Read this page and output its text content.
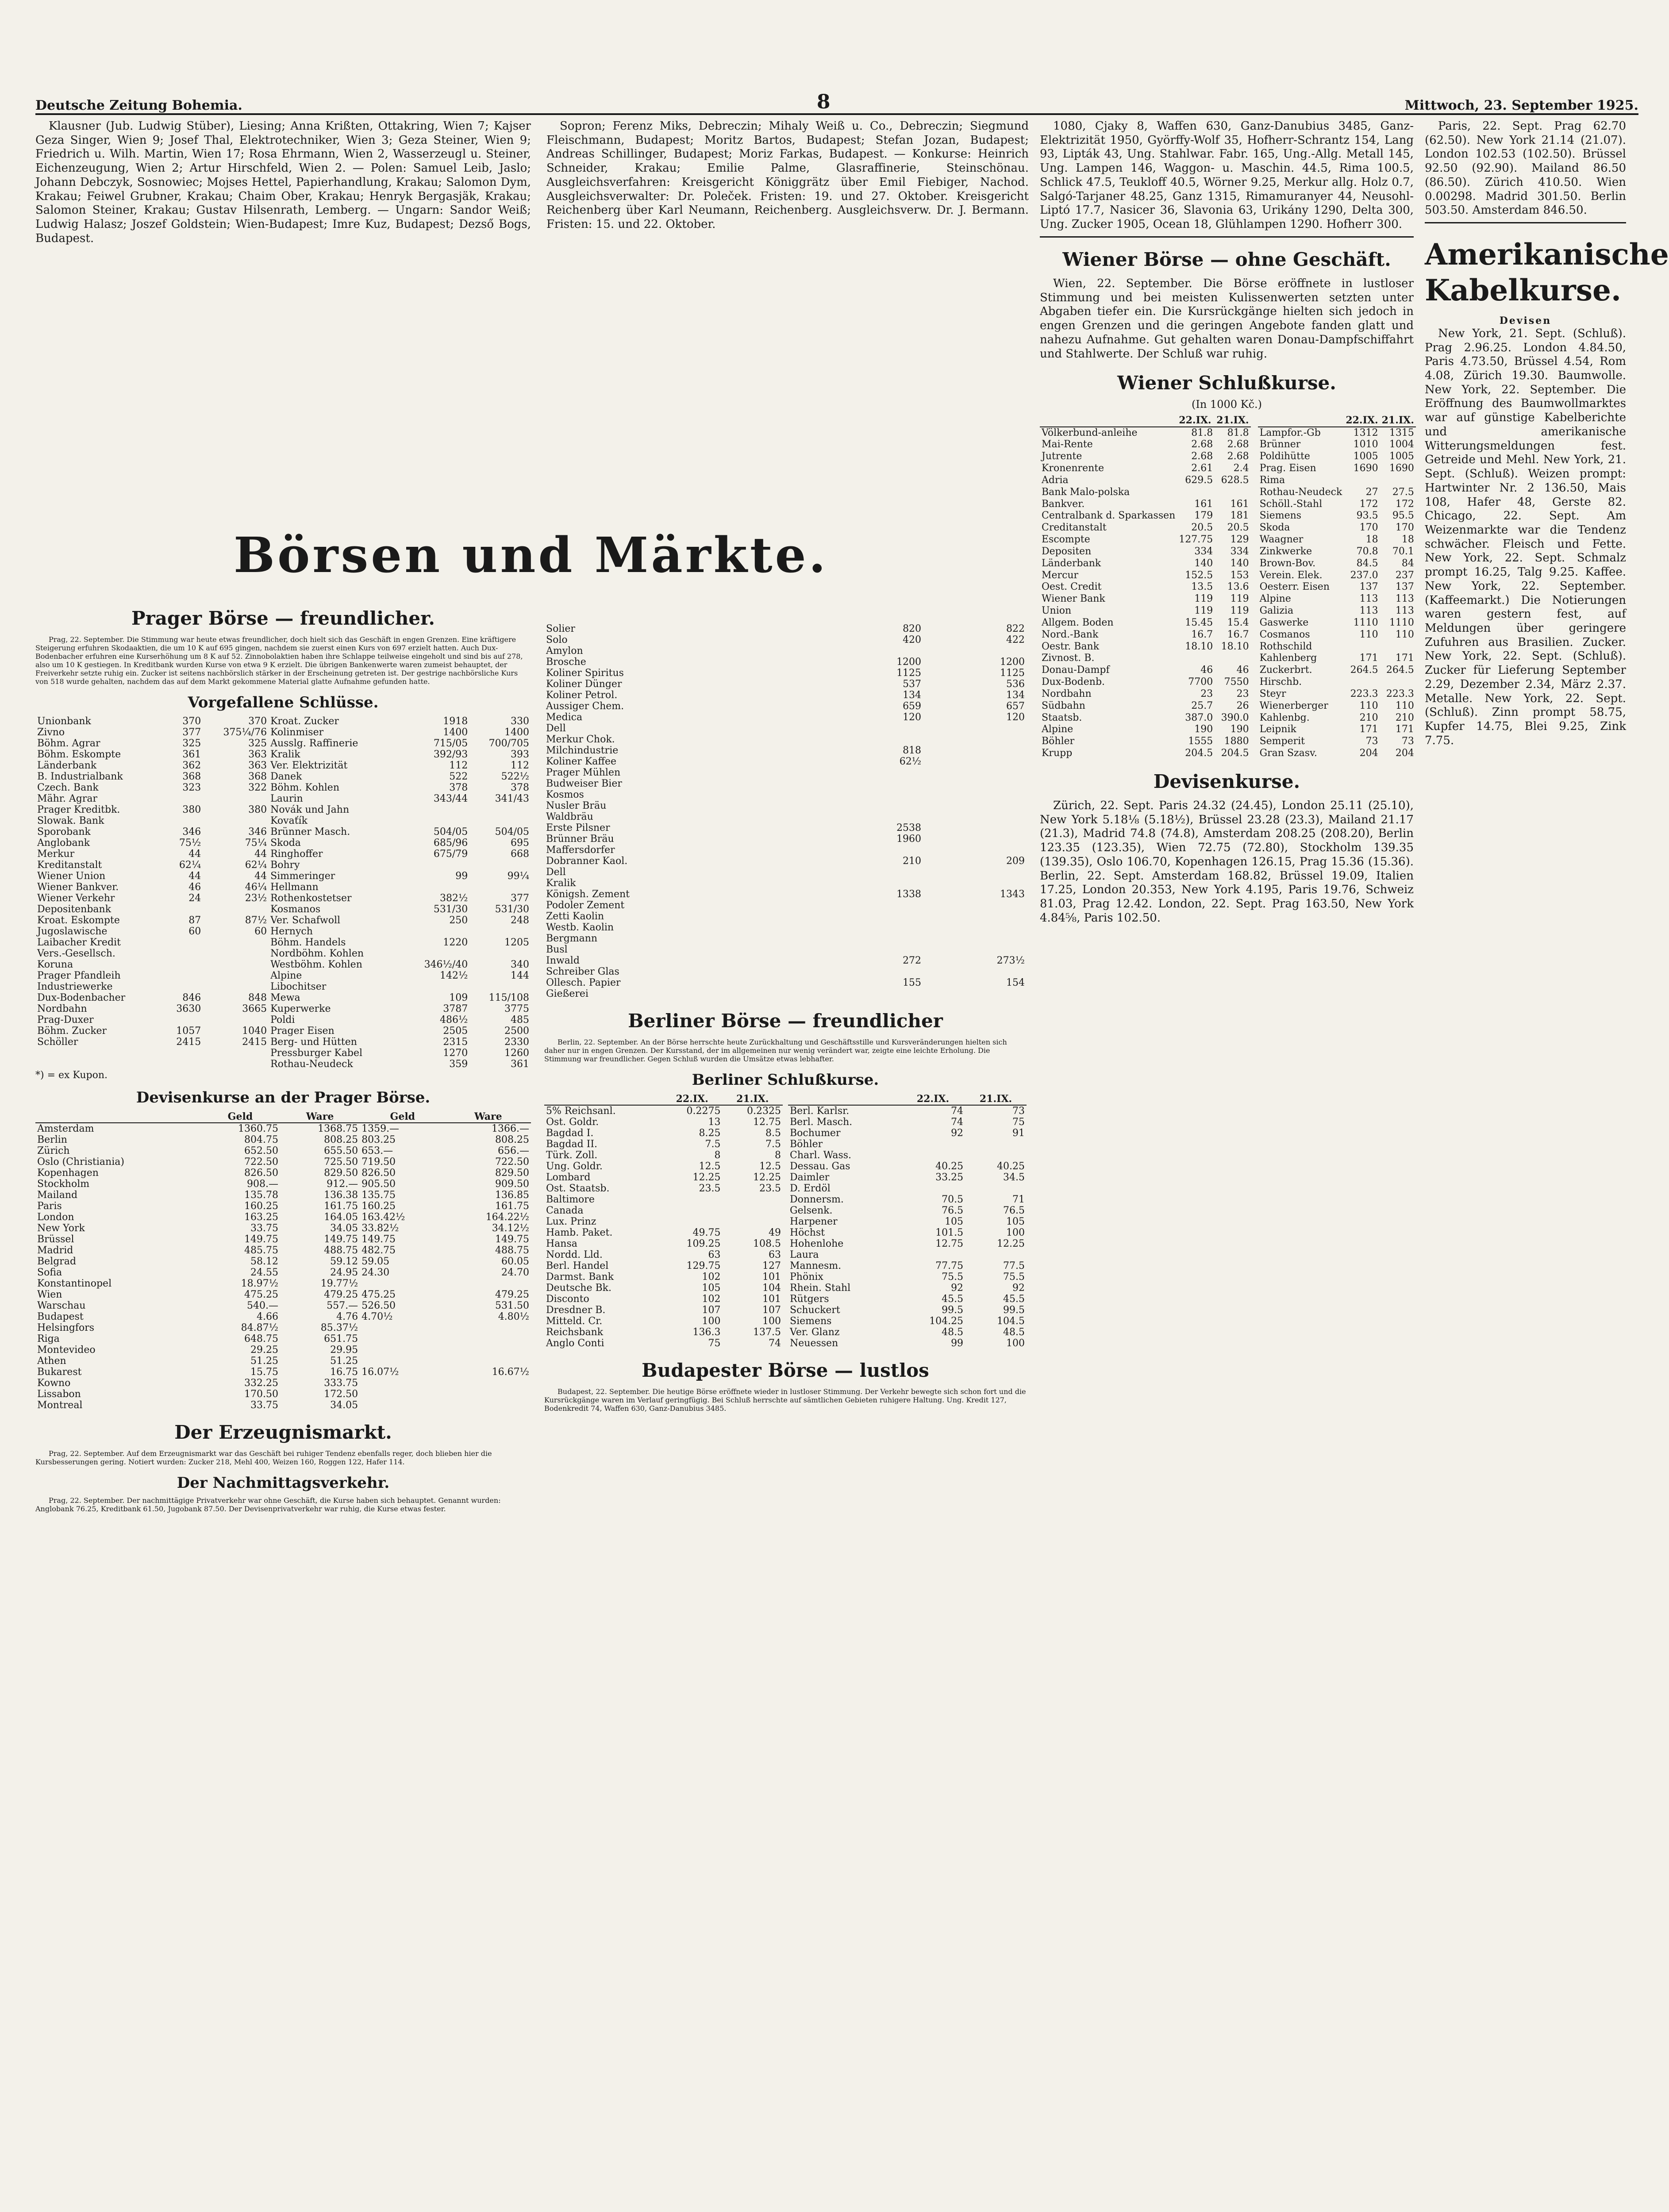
Deutsche Zeitung Bohemia.	8	Mittwoch, 23. September 1925.

Klausner (Jub. Ludwig Stüber), Liesing; Anna Krißten, Ottakring, Wien 7; Kajser Geza Singer, Wien 9; Josef Thal, Elektrotechniker, Wien 3; Geza Steiner, Wien 9; Friedrich u. Wilh. Martin, Wien 17; Rosa Ehrmann, Wien 2, Wasserzeugl u. Steiner, Eichenzeugung, Wien 2; Artur Hirschfeld, Wien 2. — Polen: Samuel Leib, Jaslo; Johann Debczyk, Sosnowiec; Mojses Hettel, Papierhandlung, Krakau; Salomon Dym, Krakau; Feiwel Grubner, Krakau; Chaim Ober, Krakau; Henryk Bergasjäk, Krakau; Salomon Steiner, Krakau; Gustav Hilsenrath, Lemberg. — Ungarn: Sandor Weiß; Ludwig Halasz; Joszef Goldstein; Wien-Budapest; Imre Kuz, Budapest; Dezső Bogs, Budapest.

Sopron; Ferenz Miks, Debreczin; Mihaly Weiß u. Co., Debreczin; Siegmund Fleischmann, Budapest; Moritz Bartos, Budapest; Stefan Jozan, Budapest; Andreas Schillinger, Budapest; Moriz Farkas, Budapest. — Konkurse: Heinrich Schneider, Krakau; Emilie Palme, Glasraffinerie, Steinschönau. Ausgleichsverfahren: Kreisgericht Königgrätz über Emil Fiebiger, Nachod. Ausgleichsverwalter: Dr. Poleček. Fristen: 19. und 27. Oktober. Kreisgericht Reichenberg über Karl Neumann, Reichenberg. Ausgleichsverw. Dr. J. Bermann. Fristen: 15. und 22. Oktober.

1080, Cjaky 8, Waffen 630, Ganz-Danubius 3485, Ganz-Elektrizität 1950, Györffy-Wolf 35, Hofherr-Schrantz 154, Lang 93, Lipták 43, Ung. Stahlwar. Fabr. 165, Ung.-Allg. Metall 145, Ung. Lampen 146, Waggon- u. Maschin. 44.5, Rima 100.5, Schlick 47.5, Teukloff 40.5, Wörner 9.25, Merkur allg. Holz 0.7, Salgó-Tarjaner 48.25, Ganz 1315, Rimamuranyer 44, Neusohl-Liptó 17.7, Nasicer 36, Slavonia 63, Urikány 1290, Delta 300, Ung. Zucker 1905, Ocean 18, Glühlampen 1290. Hofherr 300.

Wiener Börse — ohne Geschäft.

Wien, 22. September. Die Börse eröffnete in lustloser Stimmung und bei meisten Kulissenwerten setzten unter Abgaben tiefer ein. Die Kursrückgänge hielten sich jedoch in engen Grenzen und die geringen Angebote fanden glatt und nahezu Aufnahme. Gut gehalten waren Donau-Dampfschiffahrt und Stahlwerte. Der Schluß war ruhig.

Wiener Schlußkurse.
(In 1000 Kč.)
	22.IX.	21.IX.
Völkerbund-anleihe	81.8	81.8
Mai-Rente	2.68	2.68
Jutrente	2.68	2.68
Kronenrente	2.61	2.4
Adria	629.5	628.5
Bank Malo-polska		
Bankver.	161	161
Centralbank d. Sparkassen	179	181
Creditanstalt	20.5	20.5
Escompte	127.75	129
Depositen	334	334
Länderbank	140	140
Mercur	152.5	153
Oest. Credit	13.5	13.6
Wiener Bank	119	119
Union	119	119
Allgem. Boden	15.45	15.4
Nord.-Bank	16.7	16.7
Oestr. Bank	18.10	18.10
Zivnost. B.		
Donau-Dampf	46	46
Dux-Bodenb.	7700	7550
Nordbahn	23	23
Südbahn	25.7	26
Staatsb.	387.0	390.0
Alpine	190	190
Böhler	1555	1880
Krupp	204.5	204.5
	22.IX.	21.IX.
Lampfor.-Gb	1312	1315
Brünner	1010	1004
Poldihütte	1005	1005
Prag. Eisen	1690	1690
Rima		
Rothau-Neudeck	27	27.5
Schöll.-Stahl	172	172
Siemens	93.5	95.5
Skoda	170	170
Waagner	18	18
Zinkwerke	70.8	70.1
Brown-Bov.	84.5	84
Verein. Elek.	237.0	237
Oesterr. Eisen	137	137
Alpine	113	113
Galizia	113	113
Gaswerke	1110	1110
Cosmanos	110	110
Rothschild		
Kahlenberg	171	171
Zuckerbrt.	264.5	264.5
Hirschb.		
Steyr	223.3	223.3
Wienerberger	110	110
Kahlenbg.	210	210
Leipnik	171	171
Semperit	73	73
Gran Szasv.	204	204
Devisenkurse.

Zürich, 22. Sept. Paris 24.32 (24.45), London 25.11 (25.10), New York 5.18⅛ (5.18½), Brüssel 23.28 (23.3), Mailand 21.17 (21.3), Madrid 74.8 (74.8), Amsterdam 208.25 (208.20), Berlin 123.35 (123.35), Wien 72.75 (72.80), Stockholm 139.35 (139.35), Oslo 106.70, Kopenhagen 126.15, Prag 15.36 (15.36). Berlin, 22. Sept. Amsterdam 168.82, Brüssel 19.09, Italien 17.25, London 20.353, New York 4.195, Paris 19.76, Schweiz 81.03, Prag 12.42. London, 22. Sept. Prag 163.50, New York 4.84⅝, Paris 102.50.

Paris, 22. Sept. Prag 62.70 (62.50). New York 21.14 (21.07). London 102.53 (102.50). Brüssel 92.50 (92.90). Mailand 86.50 (86.50). Zürich 410.50. Wien 0.00298. Madrid 301.50. Berlin 503.50. Amsterdam 846.50.

Amerikanische Kabelkurse.
Devisen

New York, 21. Sept. (Schluß). Prag 2.96.25. London 4.84.50, Paris 4.73.50, Brüssel 4.54, Rom 4.08, Zürich 19.30. Baumwolle. New York, 22. September. Die Eröffnung des Baumwollmarktes war auf günstige Kabelberichte und amerikanische Witterungsmeldungen fest. Getreide und Mehl. New York, 21. Sept. (Schluß). Weizen prompt: Hartwinter Nr. 2 136.50, Mais 108, Hafer 48, Gerste 82. Chicago, 22. Sept. Am Weizenmarkte war die Tendenz schwächer. Fleisch und Fette. New York, 22. Sept. Schmalz prompt 16.25, Talg 9.25. Kaffee. New York, 22. September. (Kaffeemarkt.) Die Notierungen waren gestern fest, auf Meldungen über geringere Zufuhren aus Brasilien. Zucker. New York, 22. Sept. (Schluß). Zucker für Lieferung September 2.29, Dezember 2.34, März 2.37. Metalle. New York, 22. Sept. (Schluß). Zinn prompt 58.75, Kupfer 14.75, Blei 9.25, Zink 7.75.

Börsen und Märkte.
Prager Börse — freundlicher.

Prag, 22. September. Die Stimmung war heute etwas freundlicher, doch hielt sich das Geschäft in engen Grenzen. Eine kräftigere Steigerung erfuhren Skodaaktien, die um 10 K auf 695 gingen, nachdem sie zuerst einen Kurs von 697 erzielt hatten. Auch Dux-Bodenbacher erfuhren eine Kurserhöhung um 8 K auf 52. Zinnobolaktien haben ihre Schlappe teilweise eingeholt und sind bis auf 278, also um 10 K gestiegen. In Kreditbank wurden Kurse von etwa 9 K erzielt. Die übrigen Bankenwerte waren zumeist behauptet, der Freiverkehr setzte ruhig ein. Zucker ist seitens nachbörslich stärker in der Erscheinung getreten ist. Der gestrige nachbörsliche Kurs von 518 wurde gehalten, nachdem das auf dem Markt gekommene Material glatte Aufnahme gefunden hatte.

Vorgefallene Schlüsse.
Unionbank	370	370	Kroat. Zucker	1918	330
Zivno	377	375¼/76	Kolinmiser	1400	1400
Böhm. Agrar	325	325	Ausslg. Raffinerie	715/05	700/705
Böhm. Eskompte	361	363	Kralik	392/93	393
Länderbank	362	363	Ver. Elektrizität	112	112
B. Industrialbank	368	368	Danek	522	522½
Czech. Bank	323	322	Böhm. Kohlen	378	378
Mähr. Agrar			Laurin	343/44	341/43
Prager Kreditbk.	380	380	Novák und Jahn		
Slowak. Bank			Kovaťík		
Sporobank	346	346	Brünner Masch.	504/05	504/05
Anglobank	75½	75¼	Skoda	685/96	695
Merkur	44	44	Ringhoffer	675/79	668
Kreditanstalt	62¼	62¼	Bohry		
Wiener Union	44	44	Simmeringer	99	99¼
Wiener Bankver.	46	46¼	Hellmann		
Wiener Verkehr	24	23½	Rothenkostetser	382½	377
Depositenbank			Kosmanos	531/30	531/30
Kroat. Eskompte	87	87½	Ver. Schafwoll	250	248
Jugoslawische	60	60	Hernych		
Laibacher Kredit			Böhm. Handels	1220	1205
Vers.-Gesellsch.			Nordböhm. Kohlen		
Koruna			Westböhm. Kohlen	346½/40	340
Prager Pfandleih			Alpine	142½	144
Industriewerke			Libochitser		
Dux-Bodenbacher	846	848	Mewa	109	115/108
Nordbahn	3630	3665	Kuperwerke	3787	3775
Prag-Duxer			Poldi	486½	485
Böhm. Zucker	1057	1040	Prager Eisen	2505	2500
Schöller	2415	2415	Berg- und Hütten	2315	2330
			Pressburger Kabel	1270	1260
			Rothau-Neudeck	359	361
*) = ex Kupon.
Devisenkurse an der Prager Börse.
	Geld	Ware	Geld	Ware
Amsterdam	1360.75	1368.75	1359.—	1366.—
Berlin	804.75	808.25	803.25	808.25
Zürich	652.50	655.50	653.—	656.—
Oslo (Christiania)	722.50	725.50	719.50	722.50
Kopenhagen	826.50	829.50	826.50	829.50
Stockholm	908.—	912.—	905.50	909.50
Mailand	135.78	136.38	135.75	136.85
Paris	160.25	161.75	160.25	161.75
London	163.25	164.05	163.42½	164.22½
New York	33.75	34.05	33.82½	34.12½
Brüssel	149.75	149.75	149.75	149.75
Madrid	485.75	488.75	482.75	488.75
Belgrad	58.12	59.12	59.05	60.05
Sofia	24.55	24.95	24.30	24.70
Konstantinopel	18.97½	19.77½		
Wien	475.25	479.25	475.25	479.25
Warschau	540.—	557.—	526.50	531.50
Budapest	4.66	4.76	4.70½	4.80½
Helsingfors	84.87½	85.37½		
Riga	648.75	651.75		
Montevideo	29.25	29.95		
Athen	51.25	51.25		
Bukarest	15.75	16.75	16.07½	16.67½
Kowno	332.25	333.75		
Lissabon	170.50	172.50		
Montreal	33.75	34.05		
Der Erzeugnismarkt.

Prag, 22. September. Auf dem Erzeugnismarkt war das Geschäft bei ruhiger Tendenz ebenfalls reger, doch blieben hier die Kursbesserungen gering. Notiert wurden: Zucker 218, Mehl 400, Weizen 160, Roggen 122, Hafer 114.

Der Nachmittagsverkehr.

Prag, 22. September. Der nachmittägige Privatverkehr war ohne Geschäft, die Kurse haben sich behauptet. Genannt wurden: Anglobank 76.25, Kreditbank 61.50, Jugobank 87.50. Der Devisenprivatverkehr war ruhig, die Kurse etwas fester.

Solier	820	822
Solo	420	422
Amylon		
Brosche	1200	1200
Koliner Spiritus	1125	1125
Koliner Dünger	537	536
Koliner Petrol.	134	134
Aussiger Chem.	659	657
Medica	120	120
Dell		
Merkur Chok.		
Milchindustrie	818	
Koliner Kaffee	62½	
Prager Mühlen		
Budweiser Bier		
Kosmos		
Nusler Bräu		
Waldbräu		
Erste Pilsner	2538	
Brünner Bräu	1960	
Maffersdorfer		
Dobranner Kaol.	210	209
Dell		
Kralik		
Königsh. Zement	1338	1343
Podoler Zement		
Zetti Kaolin		
Westb. Kaolin		
Bergmann		
Busl		
Inwald	272	273½
Schreiber Glas		
Ollesch. Papier	155	154
Gießerei		
Berliner Börse — freundlicher

Berlin, 22. September. An der Börse herrschte heute Zurückhaltung und Geschäftsstille und Kursveränderungen hielten sich daher nur in engen Grenzen. Der Kursstand, der im allgemeinen nur wenig verändert war, zeigte eine leichte Erholung. Die Stimmung war freundlicher. Gegen Schluß wurden die Umsätze etwas lebhafter.

Berliner Schlußkurse.
	22.IX.	21.IX.
5% Reichsanl.	0.2275	0.2325
Ost. Goldr.	13	12.75
Bagdad I.	8.25	8.5
Bagdad II.	7.5	7.5
Türk. Zoll.	8	8
Ung. Goldr.	12.5	12.5
Lombard	12.25	12.25
Ost. Staatsb.	23.5	23.5
Baltimore		
Canada		
Lux. Prinz		
Hamb. Paket.	49.75	49
Hansa	109.25	108.5
Nordd. Lld.	63	63
Berl. Handel	129.75	127
Darmst. Bank	102	101
Deutsche Bk.	105	104
Disconto	102	101
Dresdner B.	107	107
Mitteld. Cr.	100	100
Reichsbank	136.3	137.5
Anglo Conti	75	74
	22.IX.	21.IX.
Berl. Karlsr.	74	73
Berl. Masch.	74	75
Bochumer	92	91
Böhler		
Charl. Wass.		
Dessau. Gas	40.25	40.25
Daimler	33.25	34.5
D. Erdöl		
Donnersm.	70.5	71
Gelsenk.	76.5	76.5
Harpener	105	105
Höchst	101.5	100
Hohenlohe	12.75	12.25
Laura		
Mannesm.	77.75	77.5
Phönix	75.5	75.5
Rhein. Stahl	92	92
Rütgers	45.5	45.5
Schuckert	99.5	99.5
Siemens	104.25	104.5
Ver. Glanz	48.5	48.5
Neuessen	99	100
Budapester Börse — lustlos

Budapest, 22. September. Die heutige Börse eröffnete wieder in lustloser Stimmung. Der Verkehr bewegte sich schon fort und die Kursrückgänge waren im Verlauf geringfügig. Bei Schluß herrschte auf sämtlichen Gebieten ruhigere Haltung. Ung. Kredit 127, Bodenkredit 74, Waffen 630, Ganz-Danubius 3485.
